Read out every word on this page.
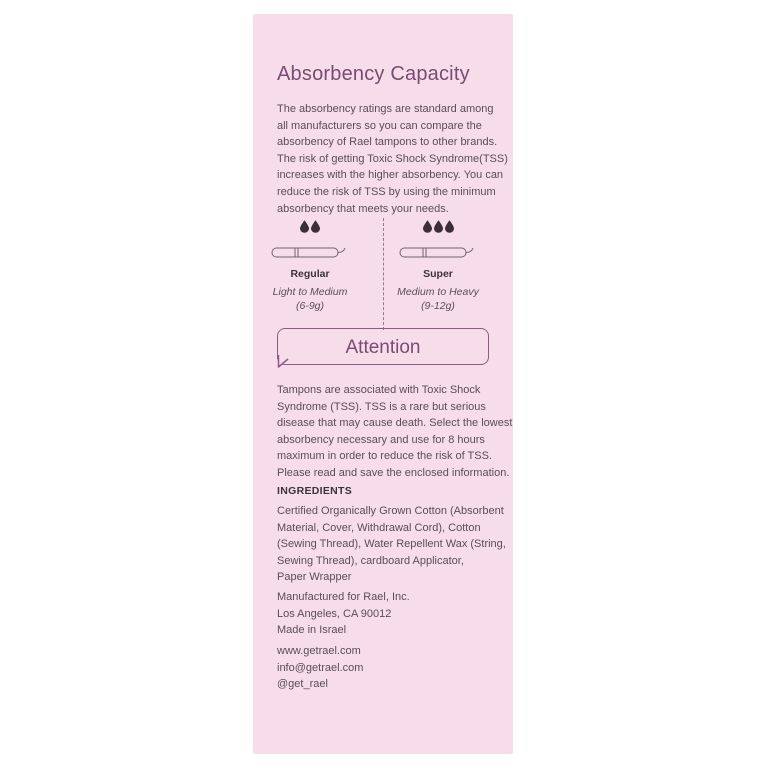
Absorbency Capacity
The absorbency ratings are standard among
all manufacturers so you can compare the
absorbency of Rael tampons to other brands.
The risk of getting Toxic Shock Syndrome(TSS)
increases with the higher absorbency. You can
reduce the risk of TSS by using the minimum
absorbency that meets your needs.
Regular
Light to Medium
(6-9g)
Super
Medium to Heavy
(9-12g)
Attention
Tampons are associated with Toxic Shock
Syndrome (TSS). TSS is a rare but serious
disease that may cause death. Select the lowest
absorbency necessary and use for 8 hours
maximum in order to reduce the risk of TSS.
Please read and save the enclosed information.
INGREDIENTS
Certified Organically Grown Cotton (Absorbent
Material, Cover, Withdrawal Cord), Cotton
(Sewing Thread), Water Repellent Wax (String,
Sewing Thread), cardboard Applicator,
Paper Wrapper
Manufactured for Rael, Inc.
Los Angeles, CA 90012
Made in Israel
www.getrael.com
info@getrael.com
@get_rael
